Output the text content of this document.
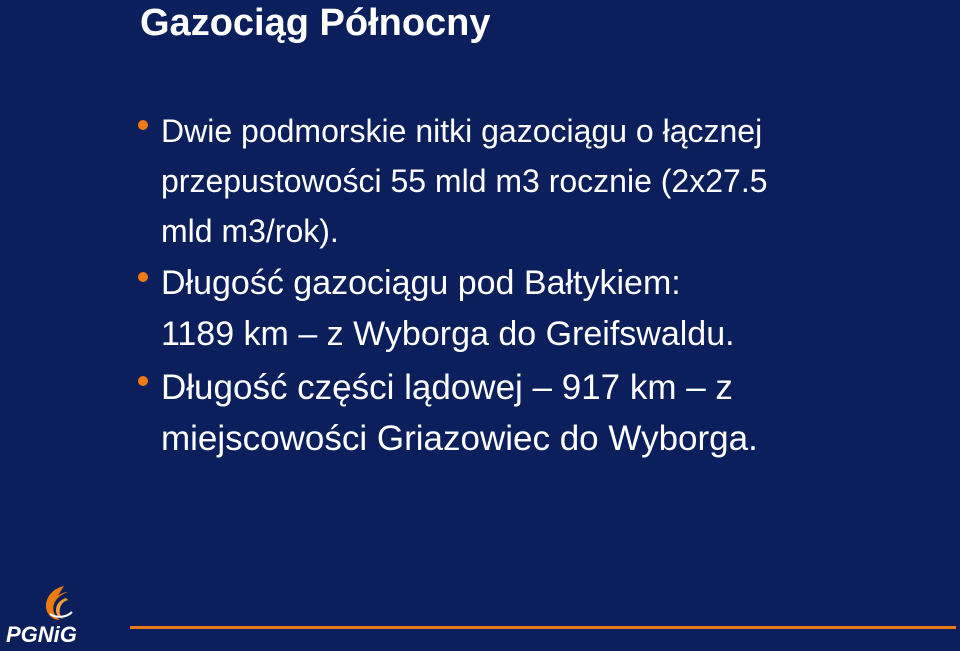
Gazociąg Północny
Dwie podmorskie nitki gazociągu o łącznej
przepustowości 55 mld m3 rocznie (2x27.5
mld m3/rok).
Długość gazociągu pod Bałtykiem:
1189 km – z Wyborga do Greifswaldu.
Długość części lądowej – 917 km – z
miejscowości Griazowiec do Wyborga.
PGNiG
